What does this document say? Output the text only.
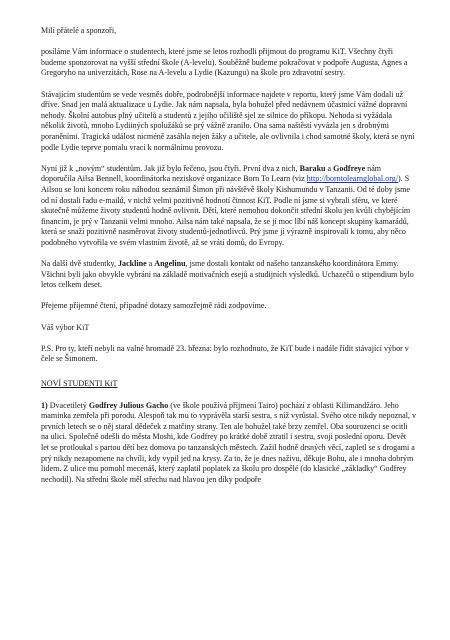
Milí přátelé a sponzoři,

posíláme Vám informace o studentech, které jsme se letos rozhodli přijmout do programu KiT. Všechny čtyři budeme sponzorovat na vyšší střední škole (A-levelu). Souběžně budeme pokračovat v podpoře Augusta, Agnes a Gregoryho na univerzitách, Rose na A-levelu a Lydie (Kazungu) na škole pro zdravotní sestry.

Stávajícím studentům se vede vesměs dobře, podrobnější informace najdete v reportu, který jsme Vám dodali už dříve. Snad jen malá aktualizace u Lydie. Jak nám napsala, byla bohužel před nedávnem účastnicí vážné dopravní nehody. Školní autobus plný učitelů a studentů z jejího učiliště sjel ze silnice do příkopu. Nehoda si vyžádala několik životů, mnoho Lydiiných spolužáků se prý vážně zranilo. Ona sama naštěstí vyvázla jen s drobnými poraněními. Tragická událost nicméně zasáhla nejen žáky a učitele, ale ovlivnila i chod samotné školy, která se nyní podle Lydie teprve pomalu vrací k normálnímu provozu.

Nyní již k „novým“ studentům. Jak již bylo řečeno, jsou čtyři. První dva z nich, Baraku a Godfreye nám doporučila Ailsa Bennell, koordinátorka neziskové organizace Born To Learn (viz http://borntolearnglobal.org/). S Ailsou se loni koncem roku náhodou seznámil Šimon při návštěvě školy Kishumundu v Tanzanii. Od té doby jsme od ní dostali řadu e-mailů, v nichž velmi pozitivně hodnotí činnost KiT. Podle ní jsme si vybrali sféru, ve které skutečně můžeme životy studentů hodně ovlivnit. Dětí, které nemohou dokončit střední školu jen kvůli chybějícím financím, je prý v Tanzanii velmi mnoho. Ailsa nám také napsala, že se jí moc líbí náš koncept skupiny kamarádů, která se snaží pozitivně nasměrovat životy studentů-jednotlivců. Prý jsme jí výrazně inspirovali k tomu, aby něco podobného vytvořila ve svém vlastním životě, až se vrátí domů, do Evropy.

Na další dvě studentky, Jackline a Angelinu, jsme dostali kontakt od našeho tanzanského koordinátora Emmy. Všichni byli jako obvykle vybráni na základě motivačních esejů a studijních výsledků. Uchazečů o stipendium bylo letos celkem deset.

Přejeme příjemné čtení, případné dotazy samozřejmě rádi zodpovíme.

Váš výbor KiT

P.S. Pro ty, kteří nebyli na valné hromadě 23. března: bylo rozhodnuto, že KiT bude i nadále řídit stávající výbor v čele se Šimonem.

NOVÍ STUDENTI KiT

1) Dvacetiletý Godfrey Julious Gacho (ve škole používá příjmení Tairo) pochází z oblasti Kilimandžáro. Jeho maminka zemřela při porodu. Alespoň tak mu to vyprávěla starší sestra, s níž vyrůstal. Svého otce nikdy nepoznal, v prvních letech se o něj staral dědeček z matčiny strany. Ten ale bohužel také brzy zemřel. Oba sourozenci se ocitli na ulici. Společně odešli do města Moshi, kde Godfrey po krátké době ztratil i sestru, svoji poslední oporu. Devět let se protloukal s partou dětí bez domova po tanzanských městech. Zažil hodně drsných věcí, zapletl se s drogami a prý nikdy nezapomene na chvíli, kdy vypil jed na krysy. Za to, že je dnes naživu, děkuje Bohu, ale i mnoha dobrým lidem. Z ulice mu pomohl mecenáš, který zaplatil poplatek za školu pro dospělé (do klasické „základky“ Godfrey nechodil). Na střední škole měl střechu nad hlavou jen díky podpoře
